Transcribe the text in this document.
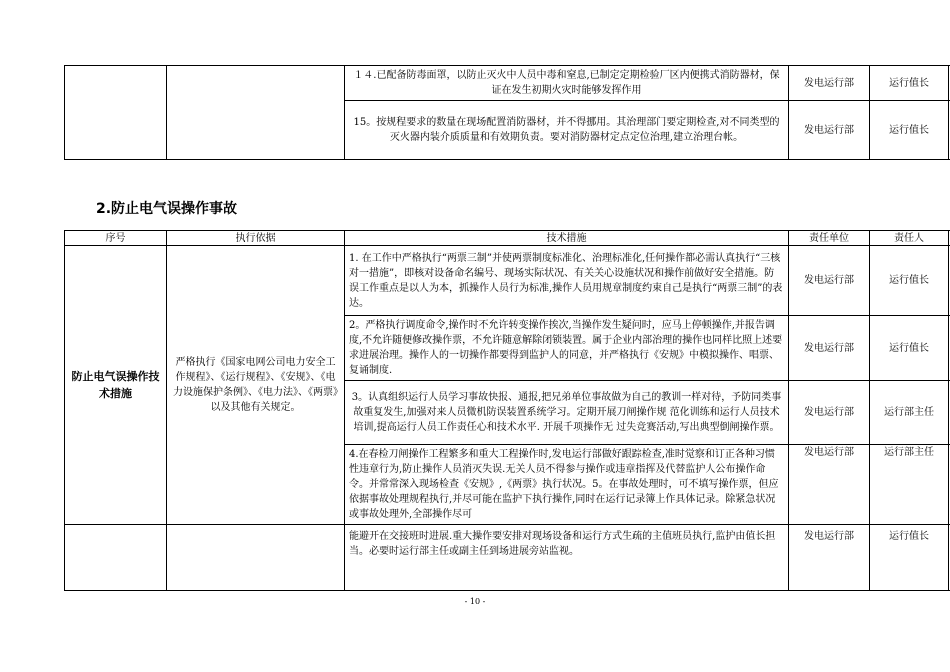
		１４.已配备防毒面罩，以防止灭火中人员中毒和窒息,已制定定期检验厂区内便携式消防器材，保证在发生初期火灾时能够发挥作用	发电运行部	运行值长	
		15。按规程要求的数量在现场配置消防器材，并不得挪用。其治理部门要定期检查,对不同类型的灭火器内装介质质量和有效期负责。要对消防器材定点定位治理,建立治理台帐。	发电运行部	运行值长	
2.防止电气误操作事故
序号	执行依据	技术措施	责任单位	责任人	
防止电气误操作技术措施	严格执行《国家电网公司电力安全工作规程》、《运行规程》、《安规》、《电力设施保护条例》、《电力法》、《两票》以及其他有关规定。	1. 在工作中严格执行“两票三制”并使两票制度标准化、治理标准化,任何操作都必需认真执行“三核对一措施”，即核对设备命名编号、现场实际状况、有关关心设施状况和操作前做好安全措施。防误工作重点是以人为本，抓操作人员行为标准,操作人员用规章制度约束自己是执行“两票三制”的表达。	发电运行部	运行值长	
		2。严格执行调度命令,操作时不允许转变操作挨次,当操作发生疑问时，应马上停顿操作,并报告调度,不允许随便修改操作票，不允许随意解除闭锁装置。属于企业内部治理的操作也同样比照上述要求进展治理。操作人的一切操作都要得到监护人的同意，并严格执行《安规》中模拟操作、唱票、复诵制度.	发电运行部	运行值长	
		3。认真组织运行人员学习事故快报、通报,把兄弟单位事故做为自己的教训一样对待，予防同类事故重复发生,加强对来人员微机防误装置系统学习。定期开展刀闸操作规 范化训练和运行人员技术培训,提高运行人员工作责任心和技术水平. 开展千项操作无 过失竞赛活动,写出典型倒闸操作票。	发电运行部	运行部主任	
		4.在春检刀闸操作工程繁多和重大工程操作时,发电运行部做好跟踪检查,准时觉察和订正各种习惯性违章行为,防止操作人员消灭失误.无关人员不得参与操作或违章指挥及代替监护人公布操作命令。并常常深入现场检查《安规》,《两票》执行状况。5。在事故处理时，可不填写操作票，但应依据事故处理规程执行,并尽可能在监护下执行操作,同时在运行记录簿上作具体记录。除紧急状况或事故处理外,全部操作尽可	发电运行部	运行部主任	
		能避开在交接班时进展.重大操作要安排对现场设备和运行方式生疏的主值班员执行,监护由值长担当。必要时运行部主任或副主任到场进展旁站监视。	发电运行部	运行值长	
- 10 -
